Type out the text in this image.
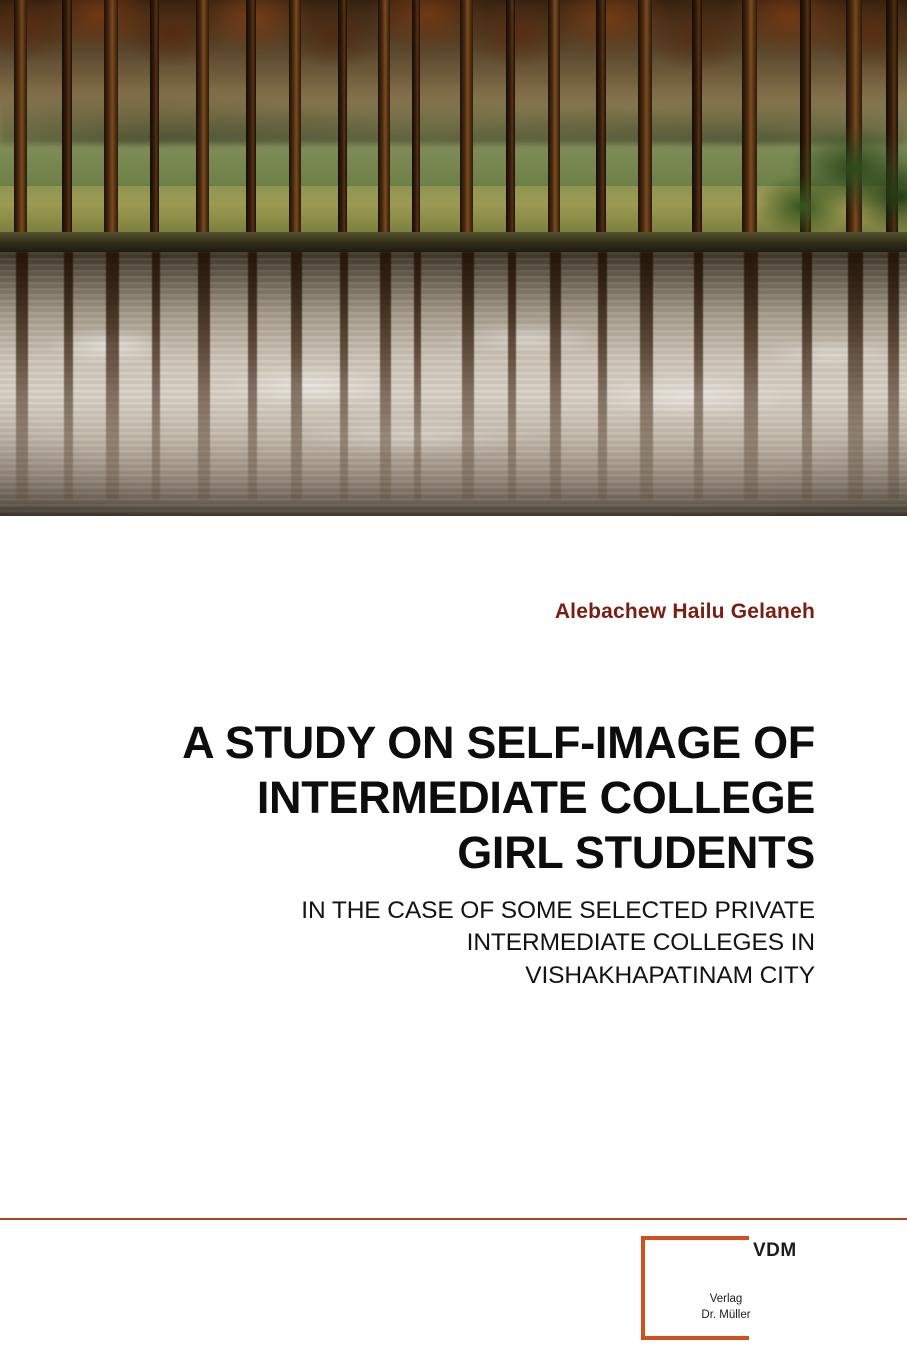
Alebachew Hailu Gelaneh
A STUDY ON SELF-IMAGE OF
INTERMEDIATE COLLEGE
GIRL STUDENTS
IN THE CASE OF SOME SELECTED PRIVATE
INTERMEDIATE COLLEGES IN
VISHAKHAPATINAM CITY
VDM
Verlag
Dr. Müller
